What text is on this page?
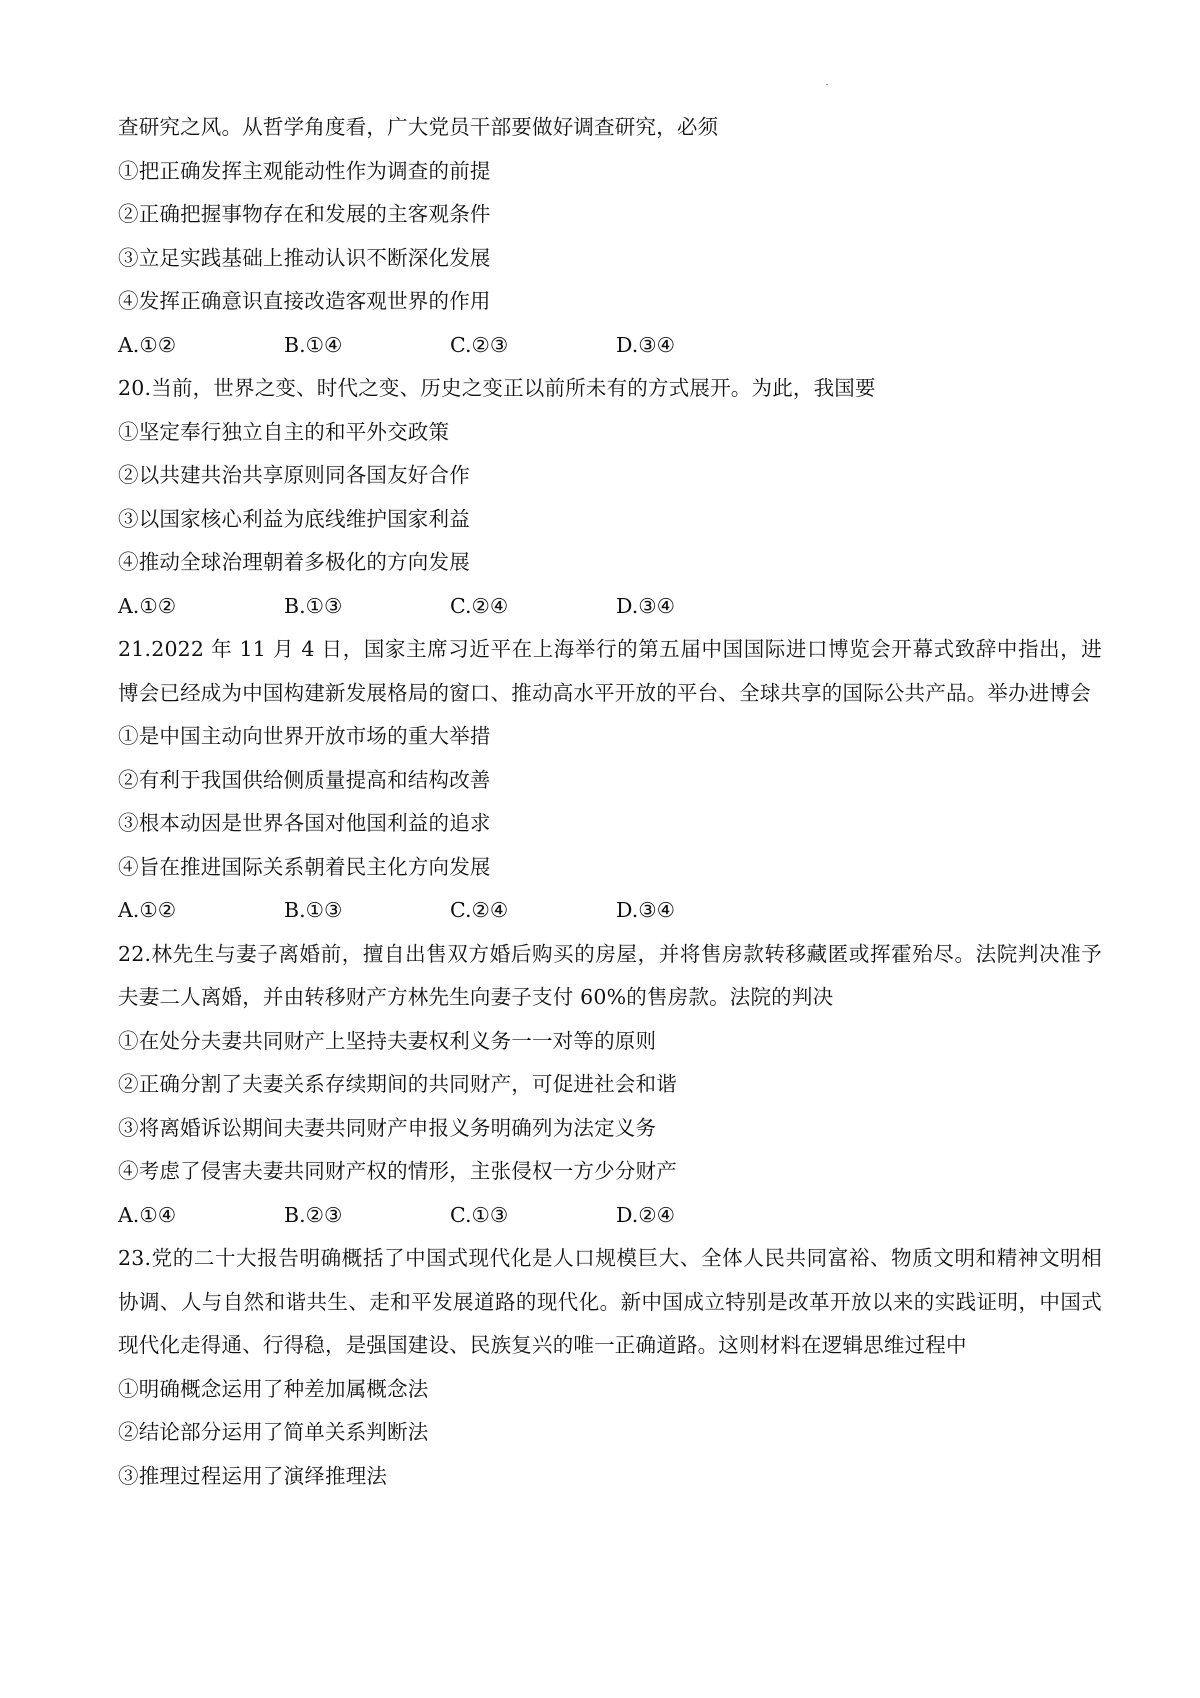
查研究之风。从哲学角度看，广大党员干部要做好调查研究，必须
①把正确发挥主观能动性作为调查的前提
②正确把握事物存在和发展的主客观条件
③立足实践基础上推动认识不断深化发展
④发挥正确意识直接改造客观世界的作用
A.①②	B.①④	C.②③	D.③④
20.当前，世界之变、时代之变、历史之变正以前所未有的方式展开。为此，我国要
①坚定奉行独立自主的和平外交政策
②以共建共治共享原则同各国友好合作
③以国家核心利益为底线维护国家利益
④推动全球治理朝着多极化的方向发展
A.①②	B.①③	C.②④	D.③④
21.2022 年 11 月 4 日，国家主席习近平在上海举行的第五届中国国际进口博览会开幕式致辞中指出，进博会已经成为中国构建新发展格局的窗口、推动高水平开放的平台、全球共享的国际公共产品。举办进博会
①是中国主动向世界开放市场的重大举措
②有利于我国供给侧质量提高和结构改善
③根本动因是世界各国对他国利益的追求
④旨在推进国际关系朝着民主化方向发展
A.①②	B.①③	C.②④	D.③④
22.林先生与妻子离婚前，擅自出售双方婚后购买的房屋，并将售房款转移藏匿或挥霍殆尽。法院判决准予夫妻二人离婚，并由转移财产方林先生向妻子支付 60%的售房款。法院的判决
①在处分夫妻共同财产上坚持夫妻权利义务一一对等的原则
②正确分割了夫妻关系存续期间的共同财产，可促进社会和谐
③将离婚诉讼期间夫妻共同财产申报义务明确列为法定义务
④考虑了侵害夫妻共同财产权的情形，主张侵权一方少分财产
A.①④	B.②③	C.①③	D.②④
23.党的二十大报告明确概括了中国式现代化是人口规模巨大、全体人民共同富裕、物质文明和精神文明相协调、人与自然和谐共生、走和平发展道路的现代化。新中国成立特别是改革开放以来的实践证明，中国式现代化走得通、行得稳，是强国建设、民族复兴的唯一正确道路。这则材料在逻辑思维过程中
①明确概念运用了种差加属概念法
②结论部分运用了简单关系判断法
③推理过程运用了演绎推理法
